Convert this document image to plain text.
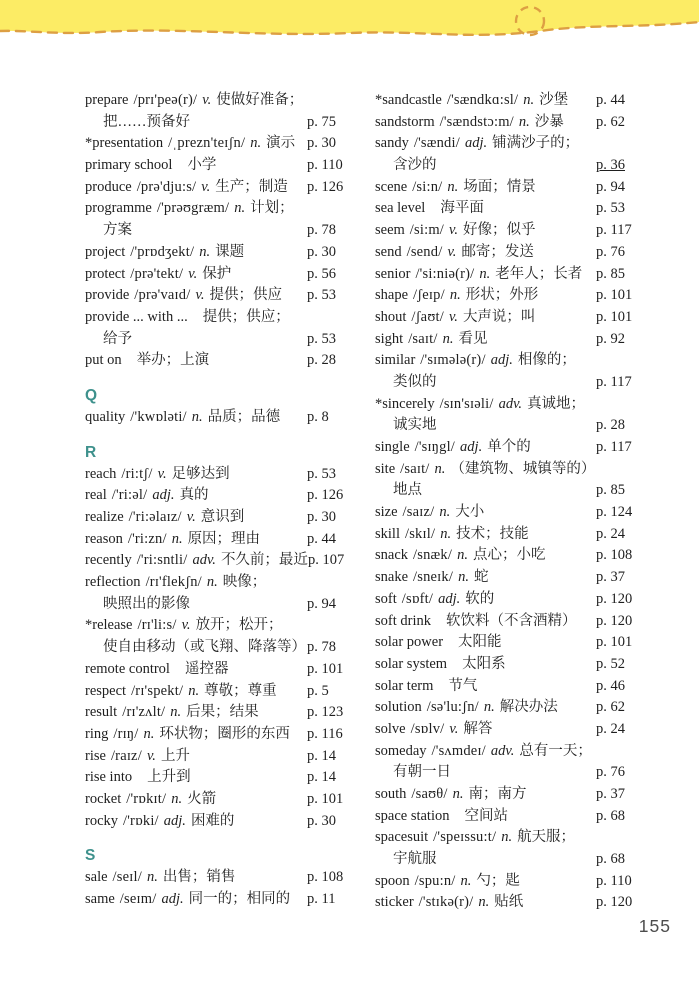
prepare /prɪ'peə(r)/ v. 使做好准备；
把……预备好	p. 75
*presentation /ˌprezn'teɪʃn/ n. 演示 p. 30
primary school 小学	p. 110
produce /prə'dju:s/ v. 生产；制造	p. 126
programme /'prəʊgræm/ n. 计划；
方案	p. 78
project /'prɒdʒekt/ n. 课题	p. 30
protect /prə'tekt/ v. 保护	p. 56
provide /prə'vaɪd/ v. 提供；供应	p. 53
provide ... with ... 提供；供应；
给予	p. 53
put on 举办；上演	p. 28
Q
quality /'kwɒləti/ n. 品质；品德	p. 8
R
reach /ri:tʃ/ v. 足够达到	p. 53
real /'ri:əl/ adj. 真的	p. 126
realize /'ri:əlaɪz/ v. 意识到	p. 30
reason /'ri:zn/ n. 原因；理由	p. 44
recently /'ri:sntli/ adv. 不久前；最近 p. 107
reflection /rɪ'flekʃn/ n. 映像；
映照出的影像	p. 94
*release /rɪ'li:s/ v. 放开；松开；
使自由移动（或飞翔、降落等） p. 78
remote control 遥控器	p. 101
respect /rɪ'spekt/ n. 尊敬；尊重	p. 5
result /rɪ'zʌlt/ n. 后果；结果	p. 123
ring /rɪŋ/ n. 环状物；圈形的东西	p. 116
rise /raɪz/ v. 上升	p. 14
rise into 上升到	p. 14
rocket /'rɒkɪt/ n. 火箭	p. 101
rocky /'rɒki/ adj. 困难的	p. 30
S
sale /seɪl/ n. 出售；销售	p. 108
same /seɪm/ adj. 同一的；相同的	p. 11
*sandcastle /'sændkɑ:sl/ n. 沙堡	p. 44
sandstorm /'sændstɔ:m/ n. 沙暴	p. 62
sandy /'sændi/ adj. 铺满沙子的；
含沙的	p. 36
scene /si:n/ n. 场面；情景	p. 94
sea level 海平面	p. 53
seem /si:m/ v. 好像；似乎	p. 117
send /send/ v. 邮寄；发送	p. 76
senior /'si:niə(r)/ n. 老年人；长者 p. 85
shape /ʃeɪp/ n. 形状；外形	p. 101
shout /ʃaʊt/ v. 大声说；叫	p. 101
sight /saɪt/ n. 看见	p. 92
similar /'sɪmələ(r)/ adj. 相像的；
类似的	p. 117
*sincerely /sɪn'sɪəli/ adv. 真诚地；
诚实地	p. 28
single /'sɪŋgl/ adj. 单个的	p. 117
site /saɪt/ n. （建筑物、城镇等的）
地点	p. 85
size /saɪz/ n. 大小	p. 124
skill /skɪl/ n. 技术；技能	p. 24
snack /snæk/ n. 点心；小吃	p. 108
snake /sneɪk/ n. 蛇	p. 37
soft /sɒft/ adj. 软的	p. 120
soft drink 软饮料（不含酒精）	p. 120
solar power 太阳能	p. 101
solar system 太阳系	p. 52
solar term 节气	p. 46
solution /sə'lu:ʃn/ n. 解决办法	p. 62
solve /sɒlv/ v. 解答	p. 24
someday /'sʌmdeɪ/ adv. 总有一天；
有朝一日	p. 76
south /saʊθ/ n. 南；南方	p. 37
space station 空间站	p. 68
spacesuit /'speɪssu:t/ n. 航天服；
宇航服	p. 68
spoon /spu:n/ n. 勺；匙	p. 110
sticker /'stɪkə(r)/ n. 贴纸	p. 120
155
